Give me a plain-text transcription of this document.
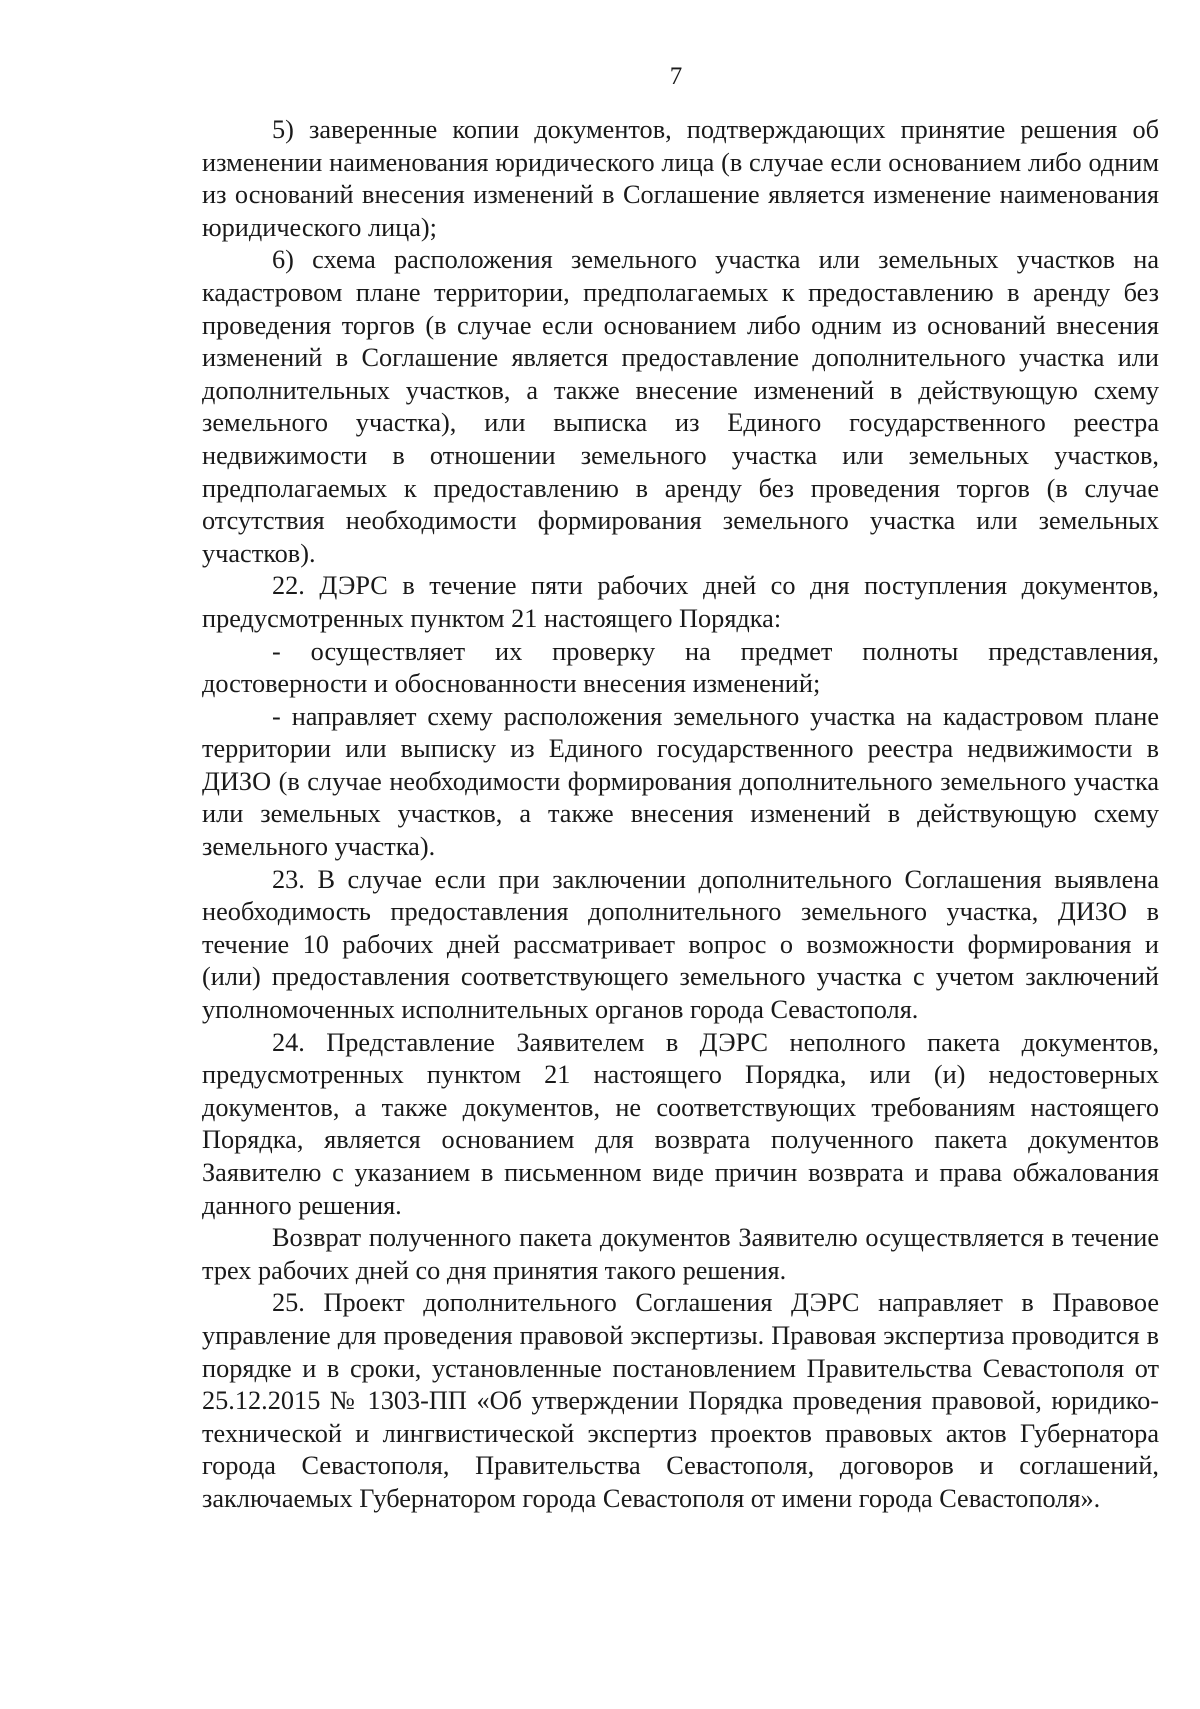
7

5) заверенные копии документов, подтверждающих принятие решения об изменении наименования юридического лица (в случае если основанием либо одним из оснований внесения изменений в Соглашение является изменение наименования юридического лица);

6) схема расположения земельного участка или земельных участков на кадастровом плане территории, предполагаемых к предоставлению в аренду без проведения торгов (в случае если основанием либо одним из оснований внесения изменений в Соглашение является предоставление дополнительного участка или дополнительных участков, а также внесение изменений в действующую схему земельного участка), или выписка из Единого государственного реестра недвижимости в отношении земельного участка или земельных участков, предполагаемых к предоставлению в аренду без проведения торгов (в случае отсутствия необходимости формирования земельного участка или земельных участков).

22. ДЭРС в течение пяти рабочих дней со дня поступления документов, предусмотренных пунктом 21 настоящего Порядка:

- осуществляет их проверку на предмет полноты представления, достоверности и обоснованности внесения изменений;

- направляет схему расположения земельного участка на кадастровом плане территории или выписку из Единого государственного реестра недвижимости в ДИЗО (в случае необходимости формирования дополнительного земельного участка или земельных участков, а также внесения изменений в действующую схему земельного участка).

23. В случае если при заключении дополнительного Соглашения выявлена необходимость предоставления дополнительного земельного участка, ДИЗО в течение 10 рабочих дней рассматривает вопрос о возможности формирования и (или) предоставления соответствующего земельного участка с учетом заключений уполномоченных исполнительных органов города Севастополя.

24. Представление Заявителем в ДЭРС неполного пакета документов, предусмотренных пунктом 21 настоящего Порядка, или (и) недостоверных документов, а также документов, не соответствующих требованиям настоящего Порядка, является основанием для возврата полученного пакета документов Заявителю с указанием в письменном виде причин возврата и права обжалования данного решения.

Возврат полученного пакета документов Заявителю осуществляется в течение трех рабочих дней со дня принятия такого решения.

25. Проект дополнительного Соглашения ДЭРС направляет в Правовое управление для проведения правовой экспертизы. Правовая экспертиза проводится в порядке и в сроки, установленные постановлением Правительства Севастополя от 25.12.2015 № 1303-ПП «Об утверждении Порядка проведения правовой, юридико-технической и лингвистической экспертиз проектов правовых актов Губернатора города Севастополя, Правительства Севастополя, договоров и соглашений, заключаемых Губернатором города Севастополя от имени города Севастополя».
